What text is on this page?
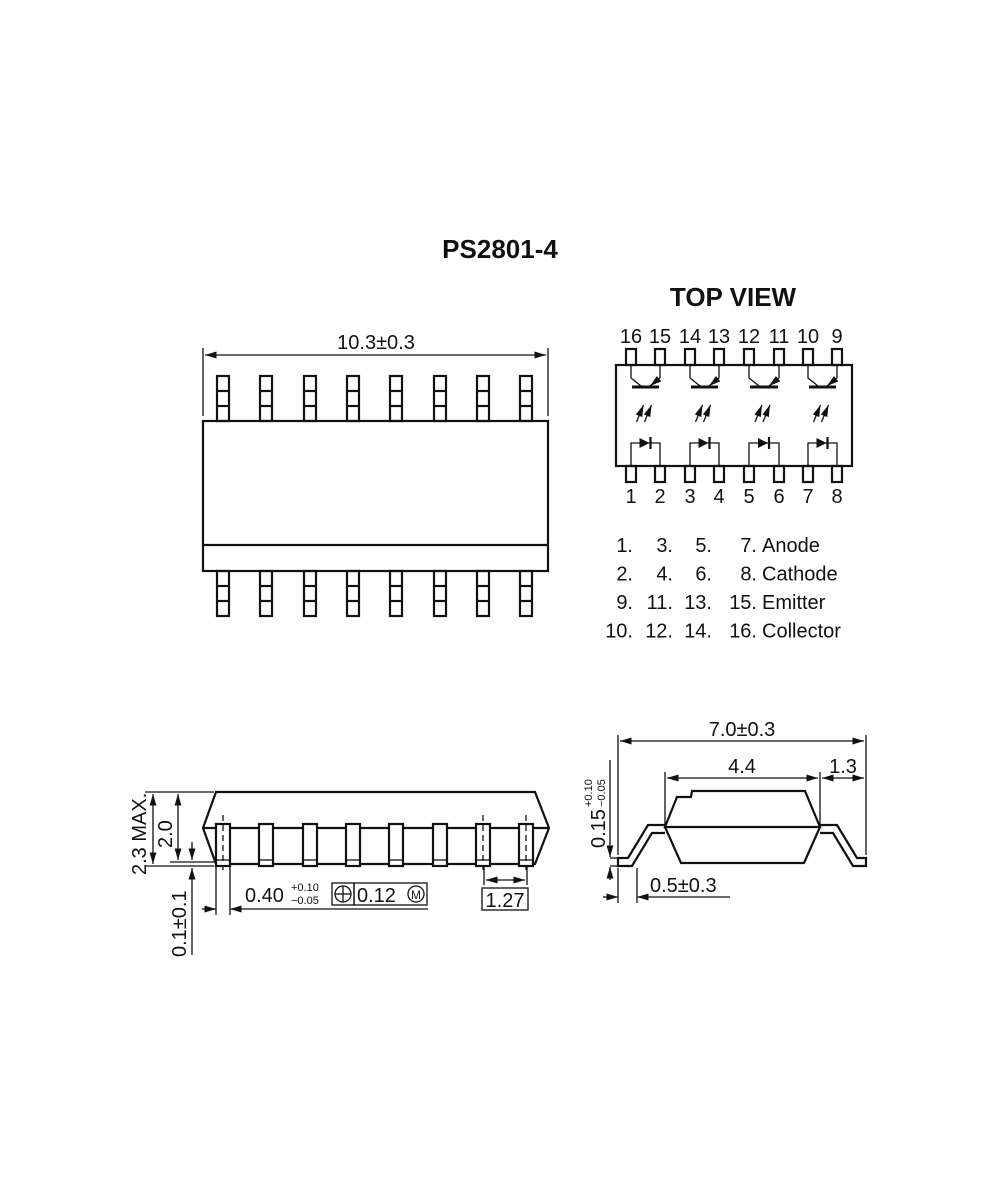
PS2801-4
TOP VIEW
10.3±0.3	16
1
15
2
14
3
13
4
12
5
11
6
10
7
9
8
1. 3. 5. 7. Anode
2. 4. 6. 8. Cathode
9. 11. 13. 15. Emitter
10. 12. 14. 16. Collector
2.3 MAX. 2.0
0.1±0.1	0.40 +0.10
−0.05 0.12 M	1.27
7.0±0.3
4.4	1.3
0.15
+0.10 −0.05
0.5±0.3
